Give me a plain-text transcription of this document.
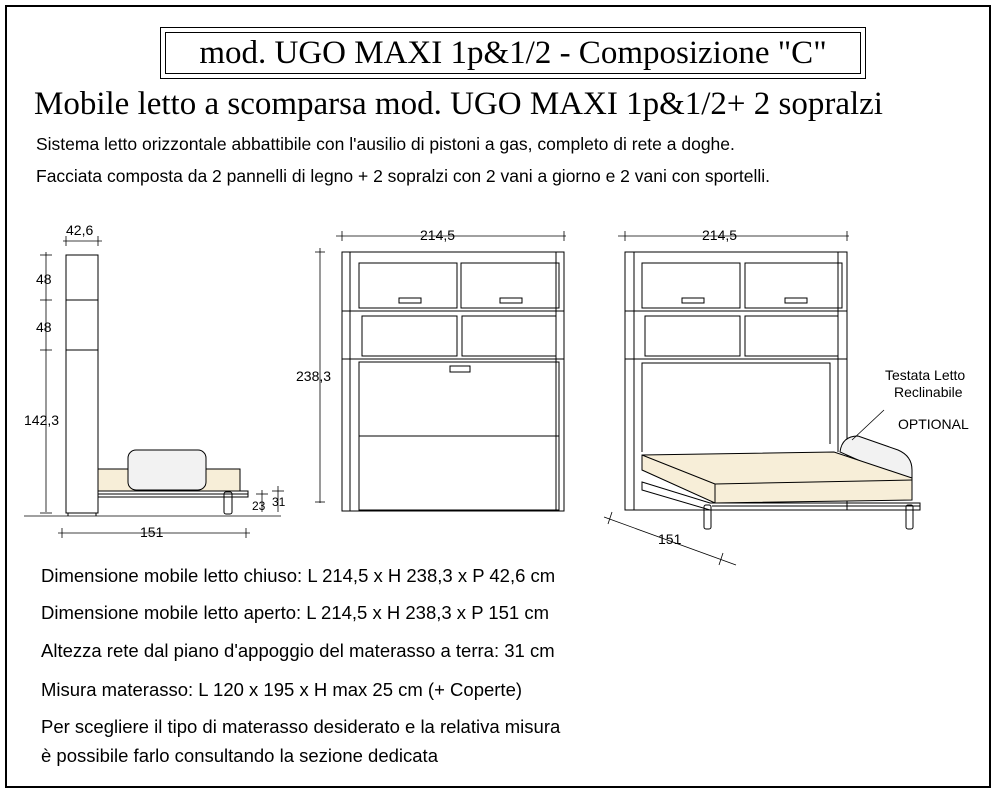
mod. UGO MAXI 1p&1/2 - Composizione "C"
Mobile letto a scomparsa mod. UGO MAXI 1p&1/2+ 2 sopralzi
Sistema letto orizzontale abbattibile con l'ausilio di pistoni a gas, completo di rete a doghe.
Facciata composta da 2 pannelli di legno + 2 sopralzi con 2 vani a giorno e 2 vani con sportelli.
42,6
48
48
142,3
151
23 31
214,5
238,3
214,5
151
Testata Letto
Reclinabile
OPTIONAL
Dimensione mobile letto chiuso: L 214,5 x H 238,3 x P 42,6 cm
Dimensione mobile letto aperto: L 214,5 x H 238,3 x P 151 cm
Altezza rete dal piano d'appoggio del materasso a terra: 31 cm
Misura materasso: L 120 x 195 x H max 25 cm (+ Coperte)
Per scegliere il tipo di materasso desiderato e la relativa misura
è possibile farlo consultando la sezione dedicata
